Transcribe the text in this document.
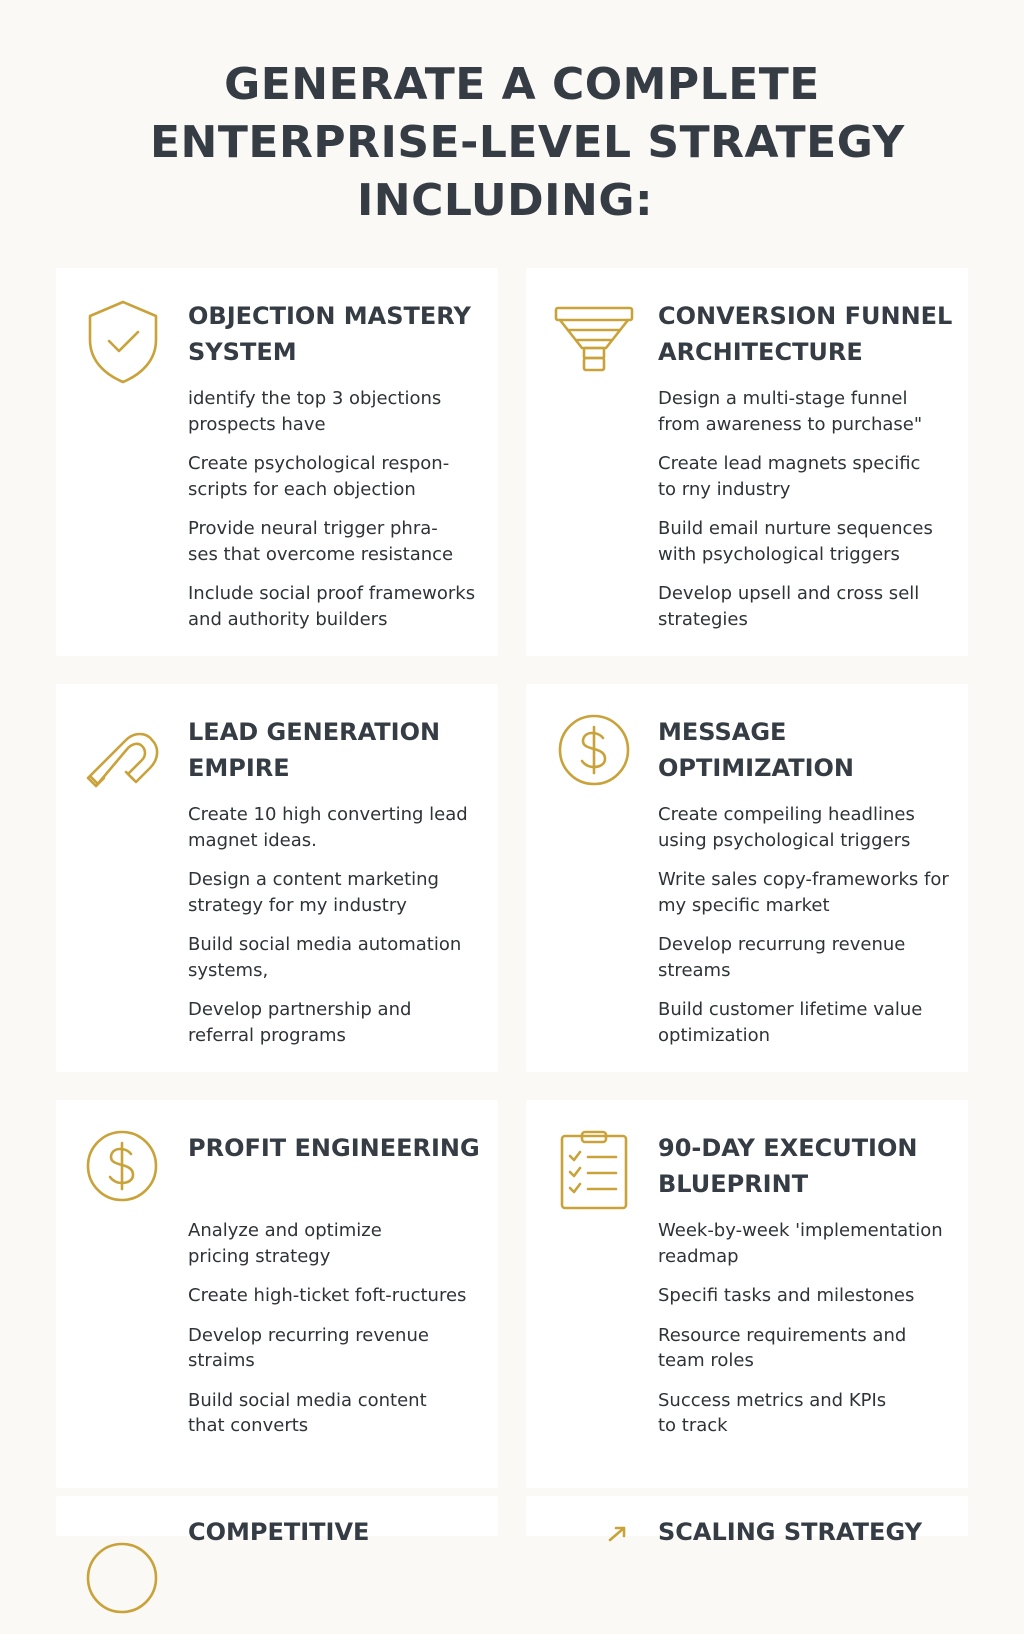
GENERATE A COMPLETE
ENTERPRISE-LEVEL STRATEGY
INCLUDING:
OBJECTION MASTERY SYSTEM
identify the top 3 objections
prospects have
Create psychological respon-
scripts for each objection
Provide neural trigger phra-
ses that overcome resistance
Include social proof frameworks
and authority builders
CONVERSION FUNNEL ARCHITECTURE
Design a multi-stage funnel
from awareness to purchase"
Create lead magnets specific
to rny industry
Build email nurture sequences
with psychological triggers
Develop upsell and cross sell
strategies
LEAD GENERATION EMPIRE
Create 10 high converting lead
magnet ideas.
Design a content marketing
strategy for my industry
Build social media automation
systems,
Develop partnership and
referral programs
MESSAGE OPTIMIZATION
Create compeiling headlines
using psychological triggers
Write sales copy-frameworks for
my specific market
Develop recurrung revenue
streams
Build customer lifetime value
optimization
PROFIT ENGINEERING
Analyze and optimize
pricing strategy
Create high-ticket foft-ructures
Develop recurring revenue
straims
Build social media content
that converts
90-DAY EXECUTION BLUEPRINT
Week-by-week 'implementation
readmap
Specifi tasks and milestones
Resource requirements and
team roles
Success metrics and KPIs
to track
COMPETITIVE	SCALING STRATEGY
